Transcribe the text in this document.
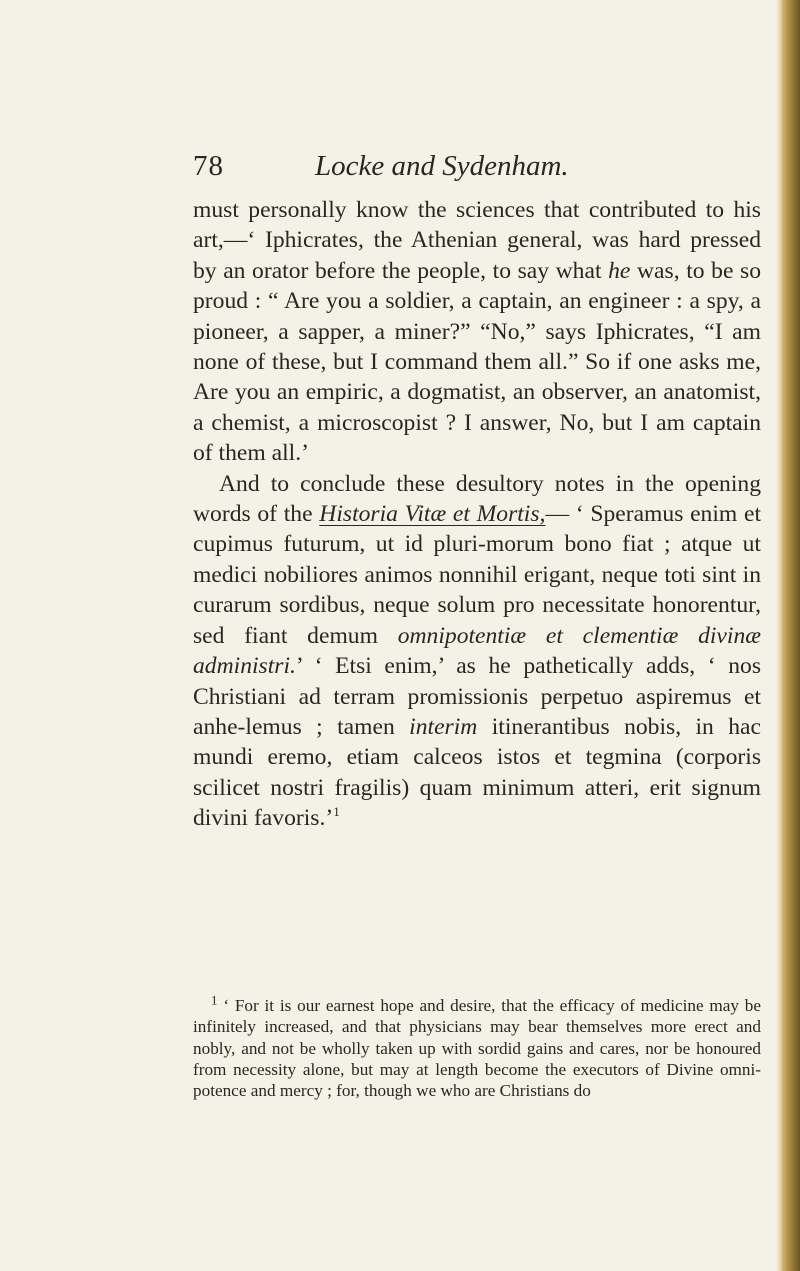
78	Locke and Sydenham.

must personally know the sciences that contributed to his art,—‘ Iphicrates, the Athenian general, was hard pressed by an orator before the people, to say what he was, to be so proud : “ Are you a soldier, a captain, an engineer : a spy, a pioneer, a sapper, a miner?” “No,” says Iphicrates, “I am none of these, but I command them all.” So if one asks me, Are you an empiric, a dogmatist, an observer, an anatomist, a chemist, a microscopist ? I answer, No, but I am captain of them all.’

And to conclude these desultory notes in the opening words of the Historia Vitæ et Mortis,— ‘ Speramus enim et cupimus futurum, ut id pluri-morum bono fiat ; atque ut medici nobiliores animos nonnihil erigant, neque toti sint in curarum sordibus, neque solum pro necessitate honorentur, sed fiant demum omnipotentiæ et clementiæ divinæ administri.’ ‘ Etsi enim,’ as he pathetically adds, ‘ nos Christiani ad terram promissionis perpetuo aspiremus et anhe-lemus ; tamen interim itinerantibus nobis, in hac mundi eremo, etiam calceos istos et tegmina (corporis scilicet nostri fragilis) quam minimum atteri, erit signum divini favoris.’$^1$

$^1$ ‘ For it is our earnest hope and desire, that the efficacy of medicine may be infinitely increased, and that physicians may bear themselves more erect and nobly, and not be wholly taken up with sordid gains and cares, nor be honoured from necessity alone, but may at length become the executors of Divine omni-potence and mercy ; for, though we who are Christians do
